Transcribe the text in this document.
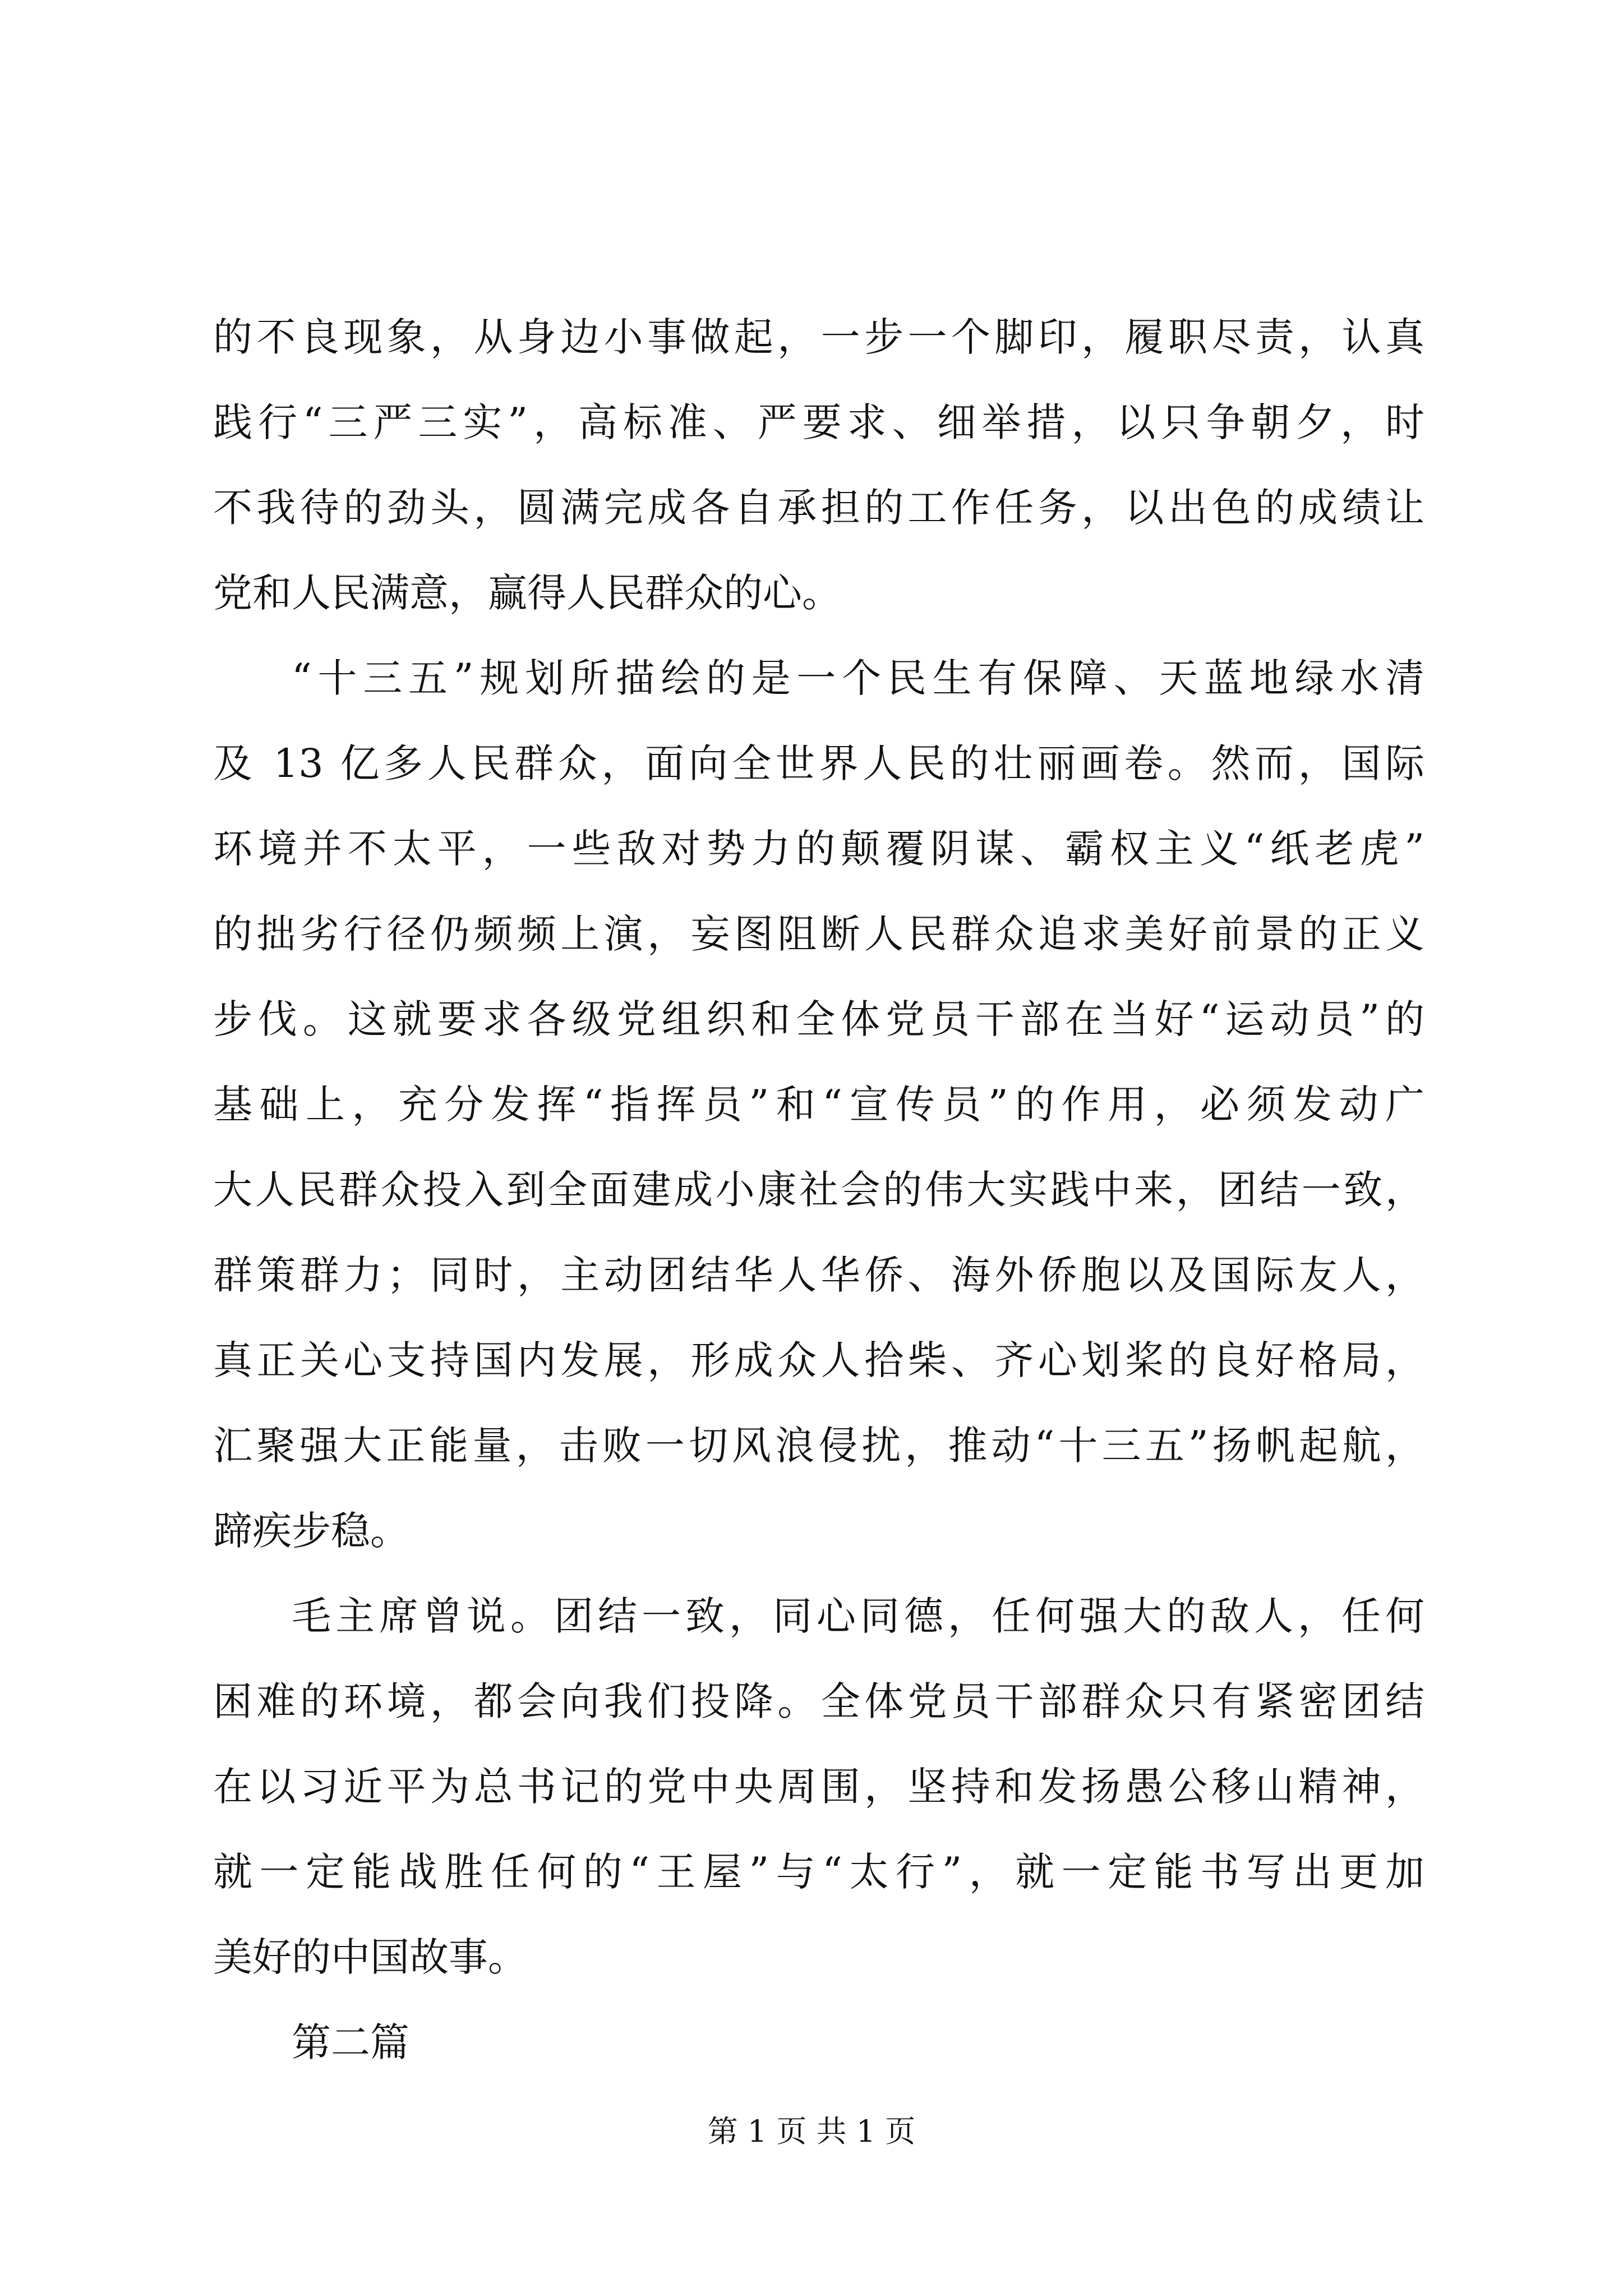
的不良现象，从身边小事做起，一步一个脚印，履职尽责，认真
践行“三严三实”，高标准、严要求、细举措，以只争朝夕，时
不我待的劲头，圆满完成各自承担的工作任务，以出色的成绩让
党和人民满意，赢得人民群众的心。
“十三五”规划所描绘的是一个民生有保障、天蓝地绿水清
及 13 亿多人民群众，面向全世界人民的壮丽画卷。然而，国际
环境并不太平，一些敌对势力的颠覆阴谋、霸权主义“纸老虎”
的拙劣行径仍频频上演，妄图阻断人民群众追求美好前景的正义
步伐。这就要求各级党组织和全体党员干部在当好“运动员”的
基础上，充分发挥“指挥员”和“宣传员”的作用，必须发动广
大人民群众投入到全面建成小康社会的伟大实践中来，团结一致，
群策群力；同时，主动团结华人华侨、海外侨胞以及国际友人，
真正关心支持国内发展，形成众人拾柴、齐心划桨的良好格局，
汇聚强大正能量，击败一切风浪侵扰，推动“十三五”扬帆起航，
蹄疾步稳。
毛主席曾说。团结一致，同心同德，任何强大的敌人，任何
困难的环境，都会向我们投降。全体党员干部群众只有紧密团结
在以习近平为总书记的党中央周围，坚持和发扬愚公移山精神，
就一定能战胜任何的“王屋”与“太行”，就一定能书写出更加
美好的中国故事。
第二篇
第 1 页 共 1 页
